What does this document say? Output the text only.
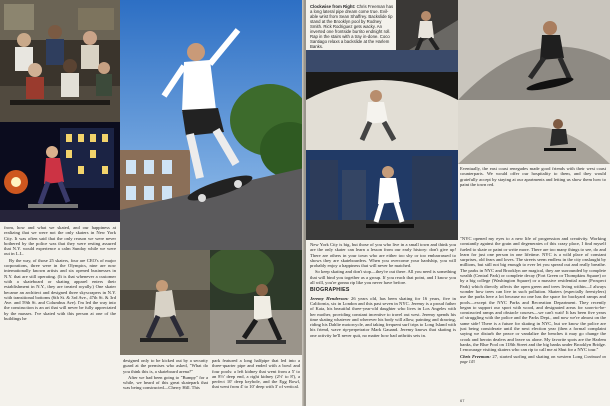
from, how and what we skated, and our happiness at realizing that we were not the only skaters in New York City. It was often said that the only reason we were never bothered by the police was that they were resting assured that N.Y. would experience a calm Sunday while we were out in L.L.

By the way, of those 25 skaters, four are CEO's of major corporations, three were in the Olympics, nine are now internationally known artists and six opened businesses in N.Y. that are still operating. (It is that whenever a customer with a skateboard or skating apparel enters their establishment in N.Y., they are treated royally.) One skater became an architect and designed three skyscrapers in N.Y. with transitional bottoms (6th St. & 3rd Ave., 47th St. & 3rd Ave. and 59th St. and Columbus Ave). I'm led the way into the construction is an art that will never be fully appreciated by the masses. I've skated with this person at one of the buildings he

designed only to be kicked out by a security guard at the premises who asked, "What do you think this is, a skateboard arena?"

After we had been going to "Bumpy" for a while, we heard of this great skatepark that was being constructed—Cherry Hill. This

park featured a long halfpipe that led into a three-quarter pipe and ended with a bowl and four pools: a left kidney that went from a 5' to an 8½' deep end, a right kidney (2½' to 8'), a perfect 10' deep keyhole, and the Egg Bowl, that went from 4' to 10' deep with 3' of vertical.

Clockwise from Right: Chris Freeman has a long lateral pipe dream come true. Evil-able wrist from Sean Shaffrey. Backslide tip stand at the Brooklyn pool by Rodney Smith. Rick Rodriguez gets wacky. An inverted one frontside burrito endnight roll. Rap in the stairs with a tray in-done. Coco Santiago relaxs a backslide at the Harlem Banks.

Eventually, the east coast renegades made good friends with their west coast counterparts. We would offer our hospitality to them, and they would gratefully accept by staying at our apartments and letting us show them how to paint the town red.

New York City is big, but those of you who live in a small town and think you are the only skater can learn a lesson from our early history: don't give up! There are others in your town who are either too shy or too embarrassed to shows they are skateboarders. When you overcome your hardship, you will probably enjoy a happiness that will never be matched.

So keep skating and don't stop—they're out there. All you need is something that will bind you together as a group. If you reach that point, and I know you all will, you're gonna rip like you never have before.

BIOGRAPHIES

Jeremy Henderson: 26 years old, has been skating for 16 years, five in California, six in London and this past seven in NYC. Jeremy is a proud father of Kaia, his beautiful three-year-old daughter who lives in Los Angeles with her mother, providing constant incentive to travel out west. Jeremy spends his time skating whatever and wherever his body will allow, painting and drawing, riding his Dahlie motorcycle, and taking frequent surf trips to Long Island with his friend, wave rip-perpetrator Mark Gauand. Jeremy knows that skating is one activity he'll never quit, no matter how bad arthritis sets in.

"NYC opened my eyes to a new life of progression and creativity. Working constantly against the grain and degenerates of this crazy place, I find myself fueled to skate or paint or write more. There are too many things to see, do and learn for just one person in one lifetime. NYC is a wild place of constant surprises, old fears and loves. The streets seem endless in the city onslaught by millions, but still not big enough to ever let you spread out and really breathe. The parks in NYC and Brooklyn are magical, they are surrounded by complete wealth (Central Park) or complete decay (Fort Green or Thompkins Square) or by a big college (Washington Square) or a massive residential zone (Prospect Park) which directly affects the open green and trees living within—I always wonder how trees can live in such pollution. Skaters (especially freestylers) use the parks here a lot because no one has the space for backyard ramps and pools—except the NYC Parks and Recreation Department. They recently began to support our sport with wood, and designated areas for soon-to-be-constructed ramps and obstacle courses—we can't wait! It has been five years of struggling with the police and the Parks Dept., and now we're almost on the same side! There is a future for skating in NYC, but we know the police are just being considerate until the next election year (then a formal complaint saying we disturb the peace or vandalize the benches it may go change the crook and heroin dealers and leave us alone. My favorite spots are the Harlem banks, the Blue Pool on 118th Street and the big banks under Brooklyn Bridge. I encourage visiting skaters who can rip to call me at Shut for a NYC tour."

Chris Freeman: 27, started surfing and skating on western Long Continued on page 143

67
